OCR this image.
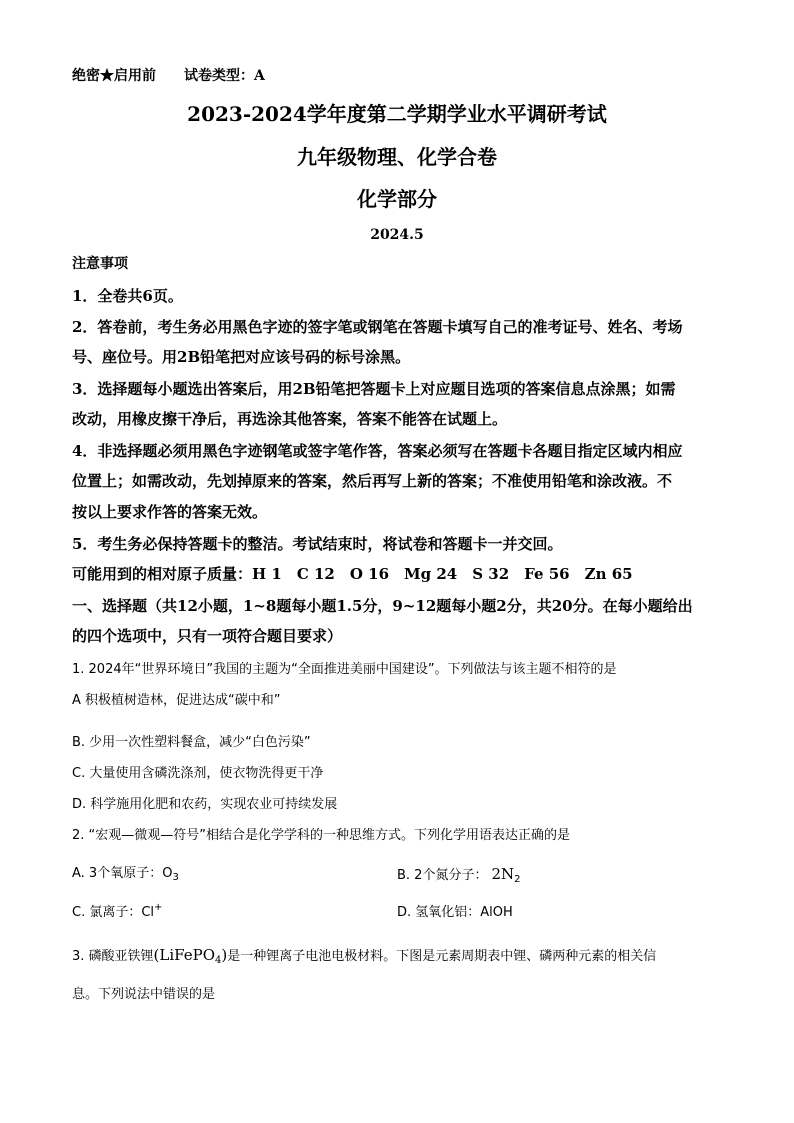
绝密★启用前 试卷类型：A
2023-2024学年度第二学期学业水平调研考试
九年级物理、化学合卷
化学部分
2024.5
注意事项
1．全卷共6页。
2．答卷前，考生务必用黑色字迹的签字笔或钢笔在答题卡填写自己的准考证号、姓名、考场
号、座位号。用2B铅笔把对应该号码的标号涂黑。
3．选择题每小题选出答案后，用2B铅笔把答题卡上对应题目选项的答案信息点涂黑；如需
改动，用橡皮擦干净后，再选涂其他答案，答案不能答在试题上。
4．非选择题必须用黑色字迹钢笔或签字笔作答，答案必须写在答题卡各题目指定区域内相应
位置上；如需改动，先划掉原来的答案，然后再写上新的答案；不准使用铅笔和涂改液。不
按以上要求作答的答案无效。
5．考生务必保持答题卡的整洁。考试结束时，将试卷和答题卡一并交回。
可能用到的相对原子质量：H 1　C 12　O 16　Mg 24　S 32　Fe 56　Zn 65
一、选择题（共12小题，1~8题每小题1.5分，9~12题每小题2分，共20分。在每小题给出
的四个选项中，只有一项符合题目要求）
1. 2024年“世界环境日”我国的主题为“全面推进美丽中国建设”。下列做法与该主题不相符的是
A 积极植树造林，促进达成“碳中和”
B. 少用一次性塑料餐盒，减少“白色污染”
C. 大量使用含磷洗涤剂，使衣物洗得更干净
D. 科学施用化肥和农药，实现农业可持续发展
2. “宏观—微观—符号”相结合是化学学科的一种思维方式。下列化学用语表达正确的是
A. 3个氧原子：$O_3$	B. 2个氮分子： $2N_2$
C. 氯离子：Cl+	D. 氢氧化铝：AlOH
3. 磷酸亚铁锂(LiFePO$_4$)是一种锂离子电池电极材料。下图是元素周期表中锂、磷两种元素的相关信
息。下列说法中错误的是
